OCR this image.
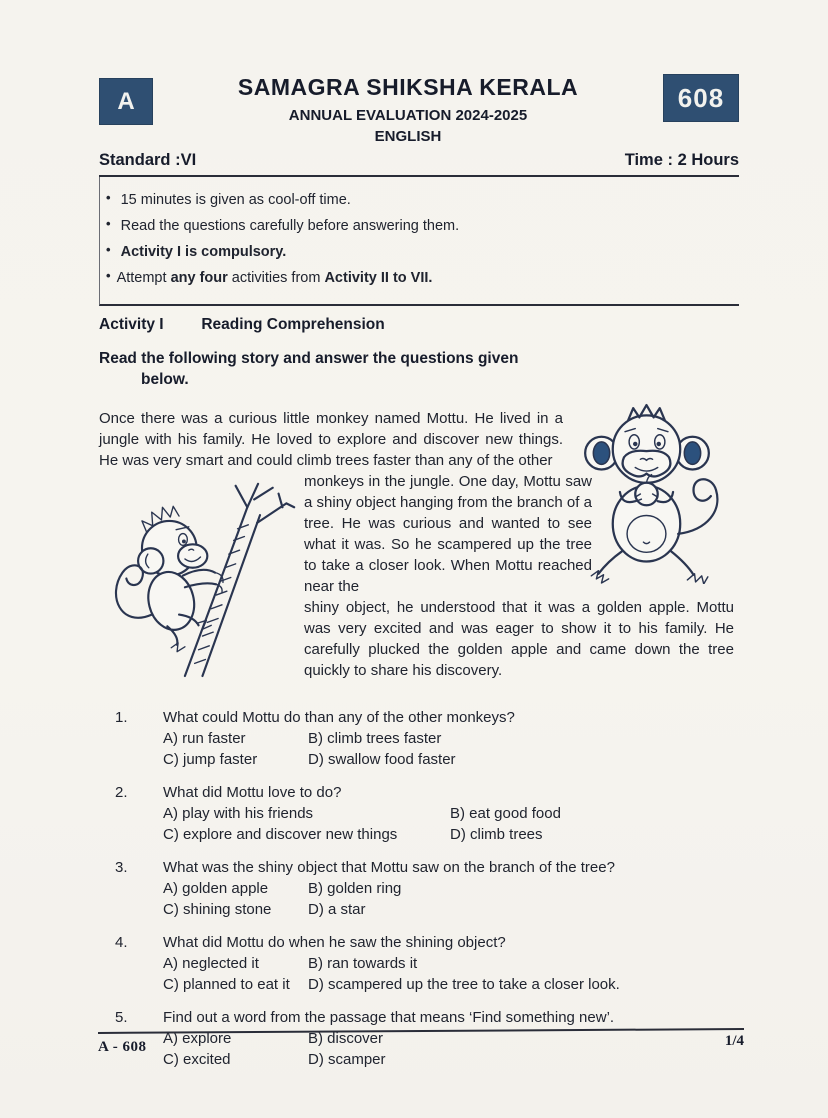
A
SAMAGRA SHIKSHA KERALA
ANNUAL EVALUATION 2024-2025
ENGLISH
608
Standard :VI	Time : 2 Hours
• 15 minutes is given as cool-off time.
• Read the questions carefully before answering them.
• Activity I is compulsory.
• Attempt any four activities from Activity II to VII.
Activity I Reading Comprehension
Read the following story and answer the questions given
below.
Once there was a curious little monkey named Mottu. He lived in a jungle with his family. He loved to explore and discover new things. He was very smart and could climb trees faster than any of the other
monkeys in the jungle. One day, Mottu saw a shiny object hanging from the branch of a tree. He was curious and wanted to see what it was. So he scampered up the tree to take a closer look. When Mottu reached near the
shiny object, he understood that it was a golden apple. Mottu was very excited and was eager to show it to his family. He carefully plucked the golden apple and came down the tree quickly to share his discovery.
1.	What could Mottu do than any of the other monkeys?
A) run faster	B) climb trees faster
C) jump faster	D) swallow food faster
2.	What did Mottu love to do?
A) play with his friends	B) eat good food
C) explore and discover new things	D) climb trees
3.	What was the shiny object that Mottu saw on the branch of the tree?
A) golden apple	B) golden ring
C) shining stone	D) a star
4.	What did Mottu do when he saw the shining object?
A) neglected it	B) ran towards it
C) planned to eat it	D) scampered up the tree to take a closer look.
5.	Find out a word from the passage that means ‘Find something new’.
A) explore	B) discover
C) excited	D) scamper
A - 608	1/4
